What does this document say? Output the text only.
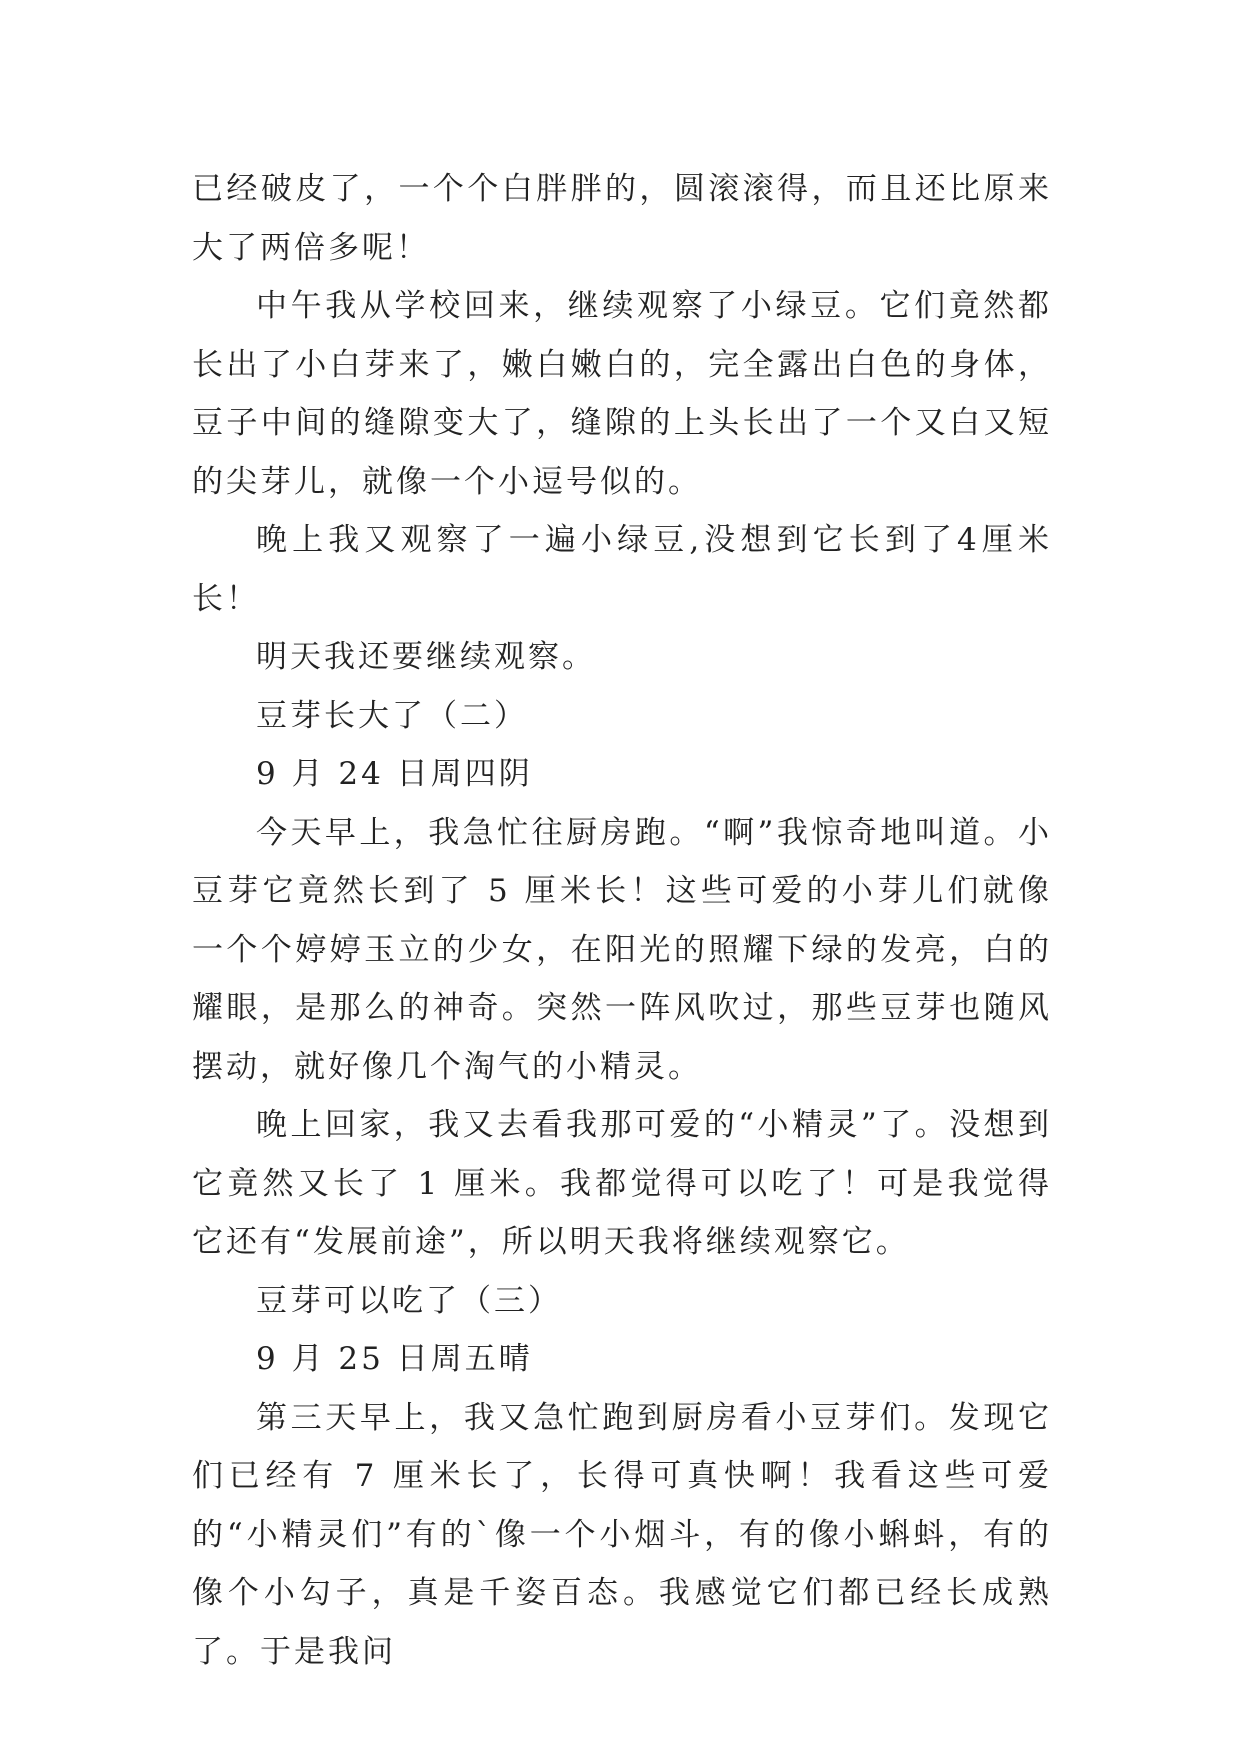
已经破皮了，一个个白胖胖的，圆滚滚得，而且还比原来大了两倍多呢！

中午我从学校回来，继续观察了小绿豆。它们竟然都长出了小白芽来了，嫩白嫩白的，完全露出白色的身体，豆子中间的缝隙变大了，缝隙的上头长出了一个又白又短的尖芽儿，就像一个小逗号似的。

晚上我又观察了一遍小绿豆,没想到它长到了4厘米长！

明天我还要继续观察。

豆芽长大了（二）

9 月 24 日周四阴

今天早上，我急忙往厨房跑。“啊”我惊奇地叫道。小豆芽它竟然长到了 5 厘米长！这些可爱的小芽儿们就像一个个婷婷玉立的少女，在阳光的照耀下绿的发亮，白的耀眼，是那么的神奇。突然一阵风吹过，那些豆芽也随风摆动，就好像几个淘气的小精灵。

晚上回家，我又去看我那可爱的“小精灵”了。没想到它竟然又长了 1 厘米。我都觉得可以吃了！可是我觉得它还有“发展前途”，所以明天我将继续观察它。

豆芽可以吃了（三）

9 月 25 日周五晴

第三天早上，我又急忙跑到厨房看小豆芽们。发现它们已经有 7 厘米长了，长得可真快啊！我看这些可爱的“小精灵们”有的`像一个小烟斗，有的像小蝌蚪，有的像个小勾子，真是千姿百态。我感觉它们都已经长成熟了。于是我问
